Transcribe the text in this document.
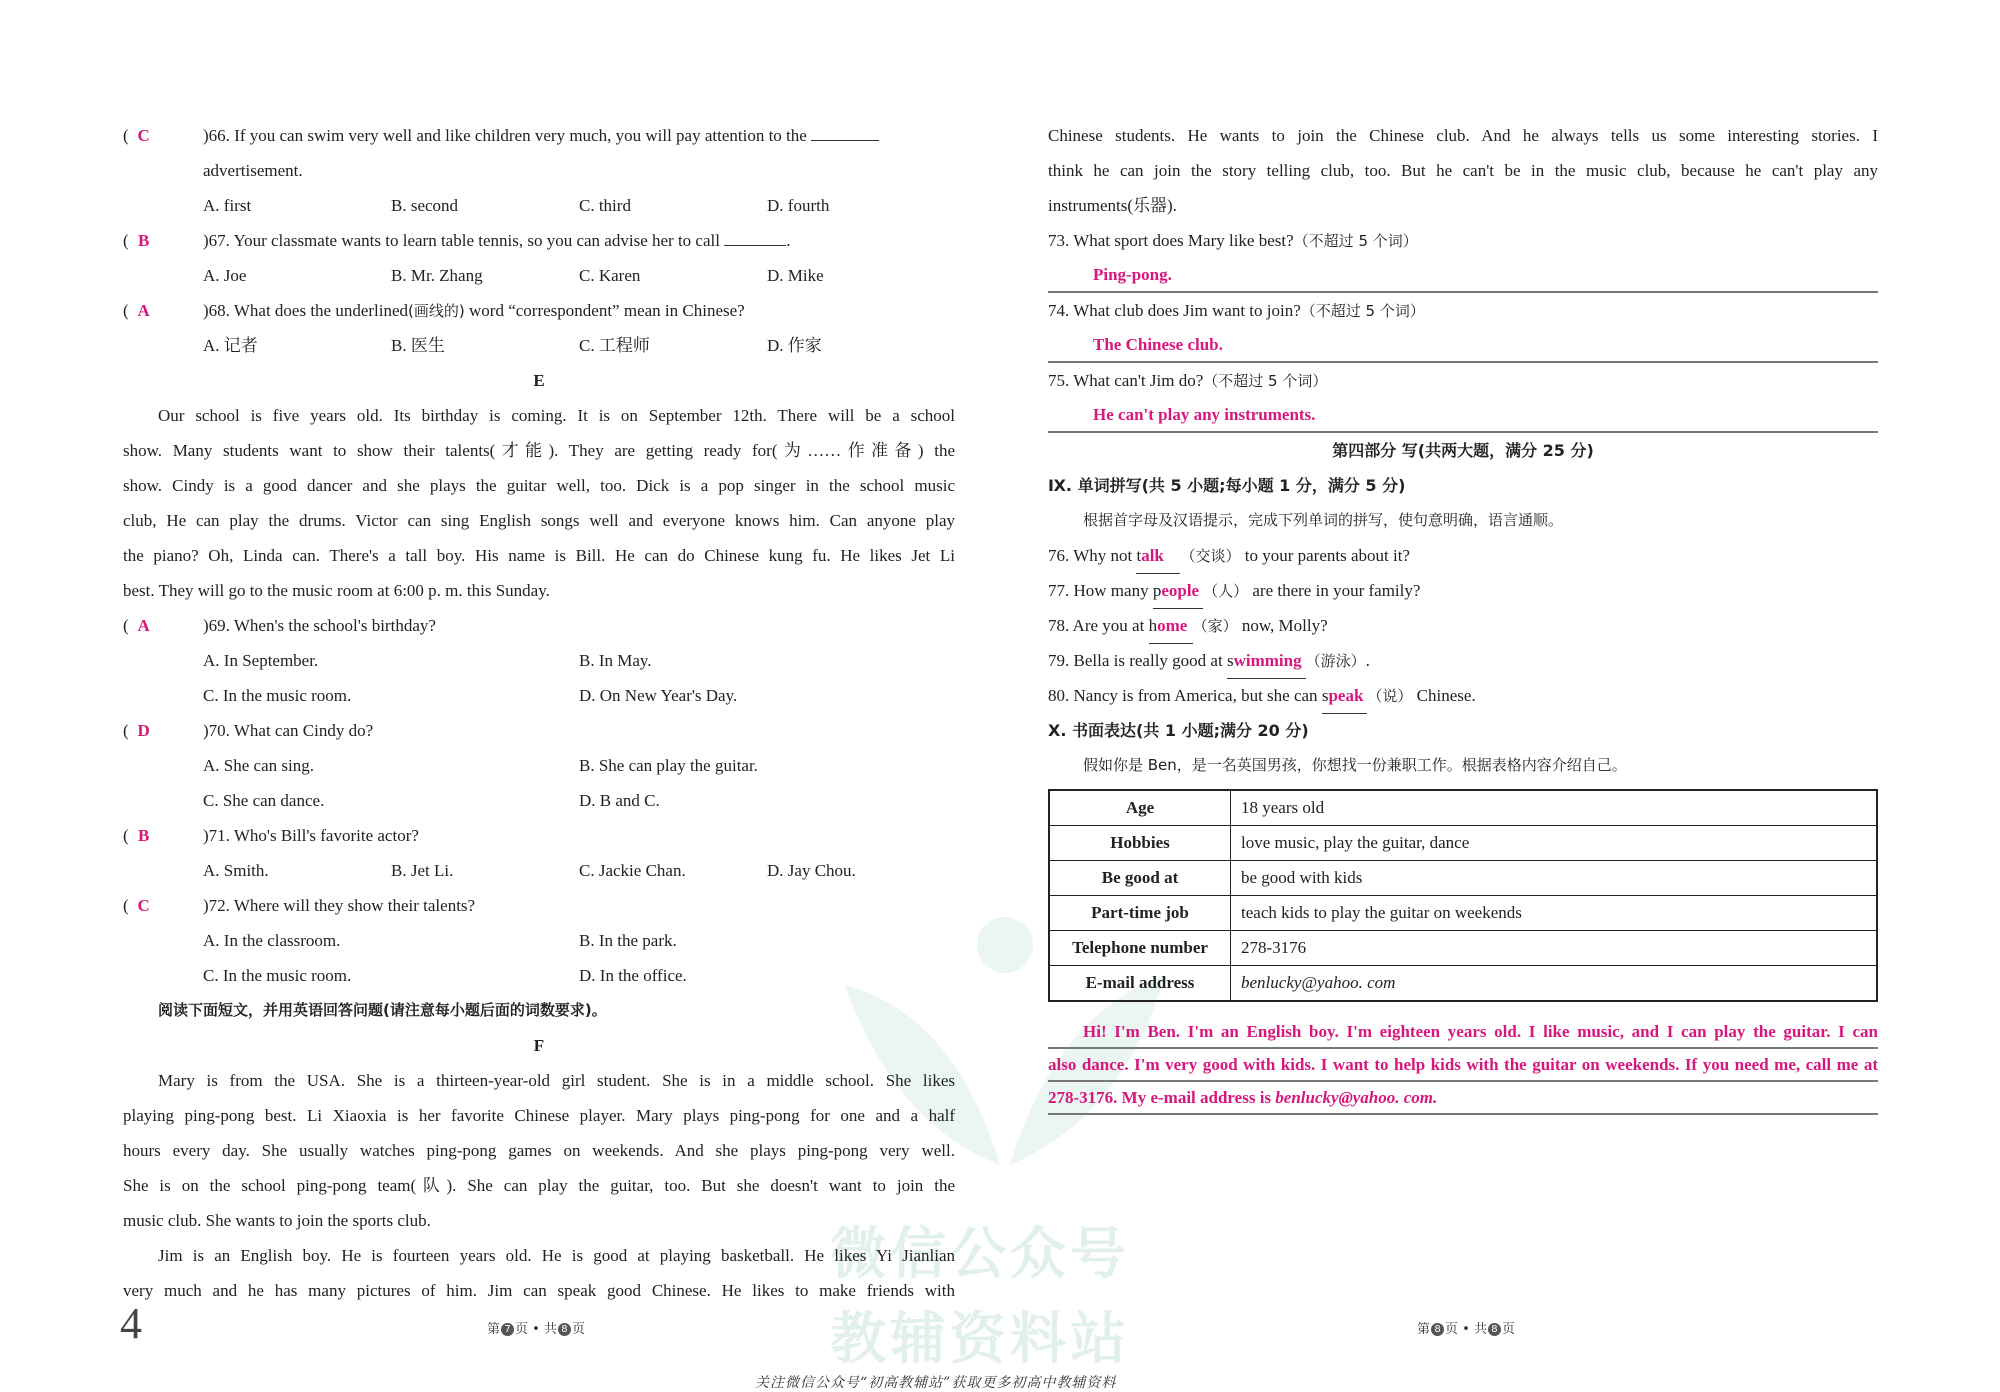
微信公众号
教辅资料站
( C	)66. If you can swim very well and like children very much, you will pay attention to the
advertisement.
A. first	B. second	C. third	D. fourth
( B	)67. Your classmate wants to learn table tennis, so you can advise her to call	.
A. Joe	B. Mr. Zhang	C. Karen	D. Mike
( A	)68. What does the underlined(画线的) word “correspondent” mean in Chinese?
A. 记者	B. 医生	C. 工程师	D. 作家
E
Our school is five years old. Its birthday is coming. It is on September 12th. There will be a school
show. Many students want to show their talents(才能). They are getting ready for(为……作准备) the
show. Cindy is a good dancer and she plays the guitar well, too. Dick is a pop singer in the school music
club, He can play the drums. Victor can sing English songs well and everyone knows him. Can anyone play
the piano? Oh, Linda can. There's a tall boy. His name is Bill. He can do Chinese kung fu. He likes Jet Li
best. They will go to the music room at 6:00 p. m. this Sunday.
( A	)69. When's the school's birthday?
A. In September.	B. In May.
C. In the music room.	D. On New Year's Day.
( D	)70. What can Cindy do?
A. She can sing.	B. She can play the guitar.
C. She can dance.	D. B and C.
( B	)71. Who's Bill's favorite actor?
A. Smith.	B. Jet Li.	C. Jackie Chan.	D. Jay Chou.
( C	)72. Where will they show their talents?
A. In the classroom.	B. In the park.
C. In the music room.	D. In the office.
阅读下面短文，并用英语回答问题(请注意每小题后面的词数要求)。
F
Mary is from the USA. She is a thirteen-year-old girl student. She is in a middle school. She likes
playing ping-pong best. Li Xiaoxia is her favorite Chinese player. Mary plays ping-pong for one and a half
hours every day. She usually watches ping-pong games on weekends. And she plays ping-pong very well.
She is on the school ping-pong team(队). She can play the guitar, too. But she doesn't want to join the
music club. She wants to join the sports club.
Jim is an English boy. He is fourteen years old. He is good at playing basketball. He likes Yi Jianlian
very much and he has many pictures of him. Jim can speak good Chinese. He likes to make friends with
4	第 7 页 • 共 8 页
Chinese students. He wants to join the Chinese club. And he always tells us some interesting stories. I
think he can join the story telling club, too. But he can't be in the music club, because he can't play any
instruments(乐器).
73. What sport does Mary like best?（不超过 5 个词）
Ping-pong.
74. What club does Jim want to join?（不超过 5 个词）
The Chinese club.
75. What can't Jim do?（不超过 5 个词）
He can't play any instruments.
第四部分 写(共两大题，满分 25 分)
Ⅸ. 单词拼写(共 5 小题;每小题 1 分，满分 5 分)
根据首字母及汉语提示，完成下列单词的拼写，使句意明确，语言通顺。
76. Why not talk （交谈） to your parents about it?
77. How many people （人） are there in your family?
78. Are you at home （家） now, Molly?
79. Bella is really good at swimming （游泳）.
80. Nancy is from America, but she can speak （说） Chinese.
Ⅹ. 书面表达(共 1 小题;满分 20 分)
假如你是 Ben，是一名英国男孩，你想找一份兼职工作。根据表格内容介绍自己。
Age	18 years old
Hobbies	love music, play the guitar, dance
Be good at	be good with kids
Part-time job	teach kids to play the guitar on weekends
Telephone number	278-3176
E-mail address	benlucky@yahoo. com
Hi! I'm Ben. I'm an English boy. I'm eighteen years old. I like music, and I can play the guitar. I can
also dance. I'm very good with kids. I want to help kids with the guitar on weekends. If you need me, call me at
278-3176. My e-mail address is benlucky@yahoo. com.
第 8 页 • 共 8 页
关注微信公众号“初高教辅站”获取更多初高中教辅资料
